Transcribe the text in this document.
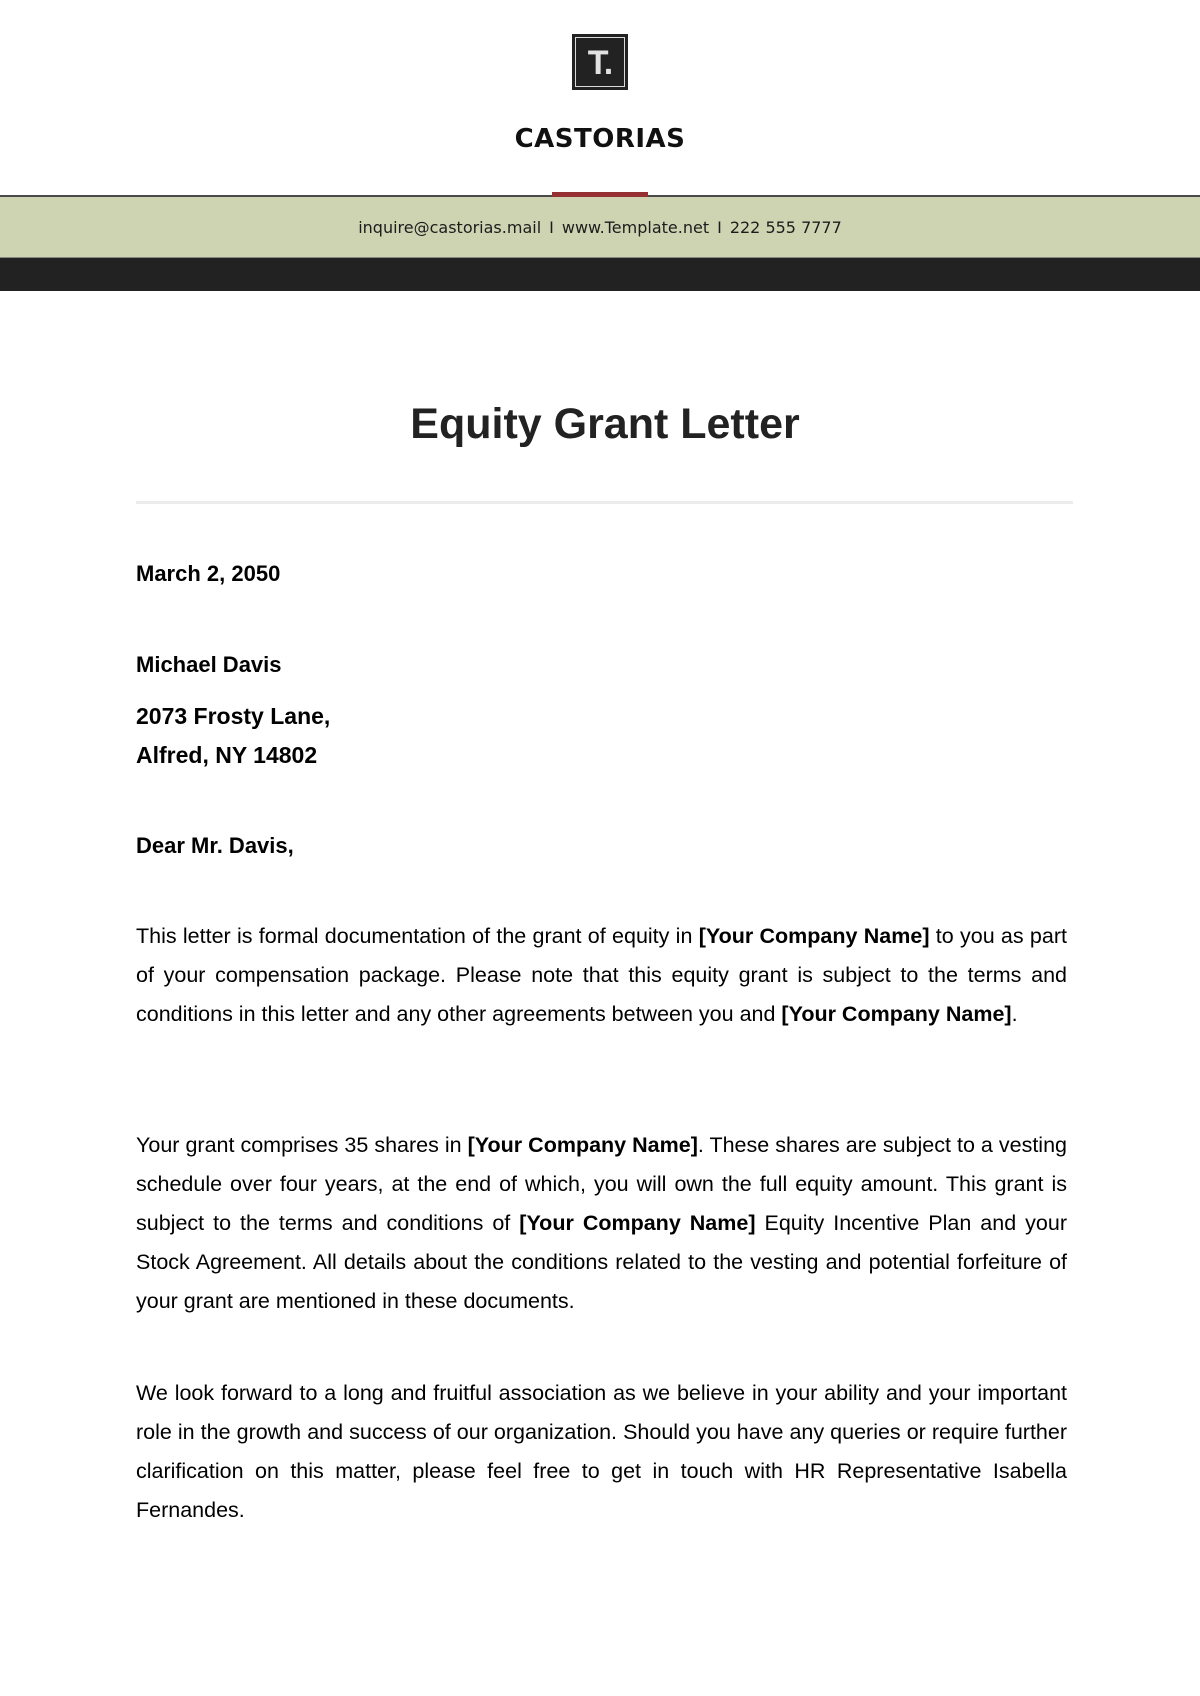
T.
CASTORIAS
inquire@castorias.mail I www.Template.net I 222 555 7777
Equity Grant Letter
March 2, 2050
Michael Davis
2073 Frosty Lane,
Alfred, NY 14802
Dear Mr. Davis,

This letter is formal documentation of the grant of equity in [Your Company Name] to you as part of your compensation package. Please note that this equity grant is subject to the terms and conditions in this letter and any other agreements between you and [Your Company Name].

Your grant comprises 35 shares in [Your Company Name]. These shares are subject to a vesting schedule over four years, at the end of which, you will own the full equity amount. This grant is subject to the terms and conditions of [Your Company Name] Equity Incentive Plan and your Stock Agreement. All details about the conditions related to the vesting and potential forfeiture of your grant are mentioned in these documents.

We look forward to a long and fruitful association as we believe in your ability and your important role in the growth and success of our organization. Should you have any queries or require further clarification on this matter, please feel free to get in touch with HR Representative Isabella Fernandes.
